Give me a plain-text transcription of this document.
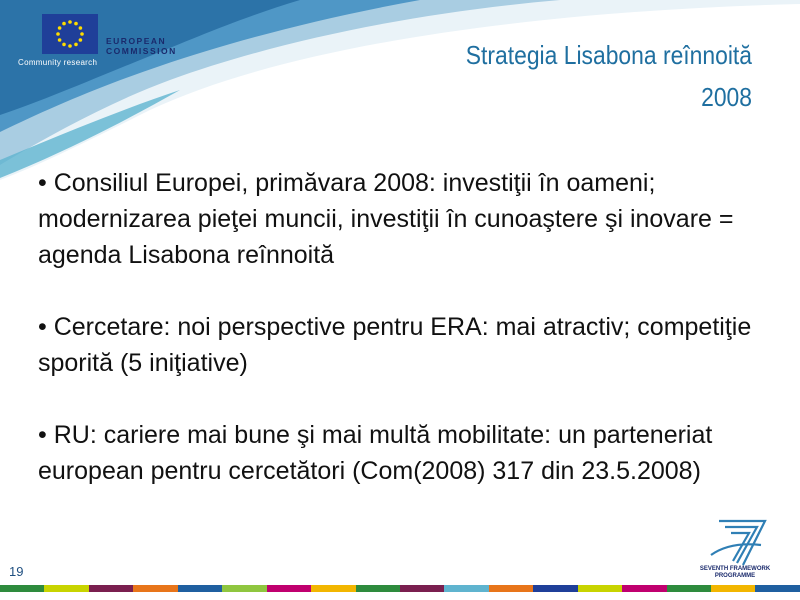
EUROPEAN
COMMISSION
Community research	Strategia Lisabona reînnoită
2008
• Consiliul Europei, primăvara 2008: investiţii în oameni; modernizarea pieţei muncii, investiţii în cunoaştere şi inovare = agenda Lisabona reînnoită
• Cercetare: noi perspective pentru ERA: mai atractiv; competiţie sporită (5 iniţiative)
• RU: cariere mai bune şi mai multă mobilitate: un parteneriat european pentru cercetători (Com(2008) 317 din 23.5.2008)
19	SEVENTH FRAMEWORK
PROGRAMME
